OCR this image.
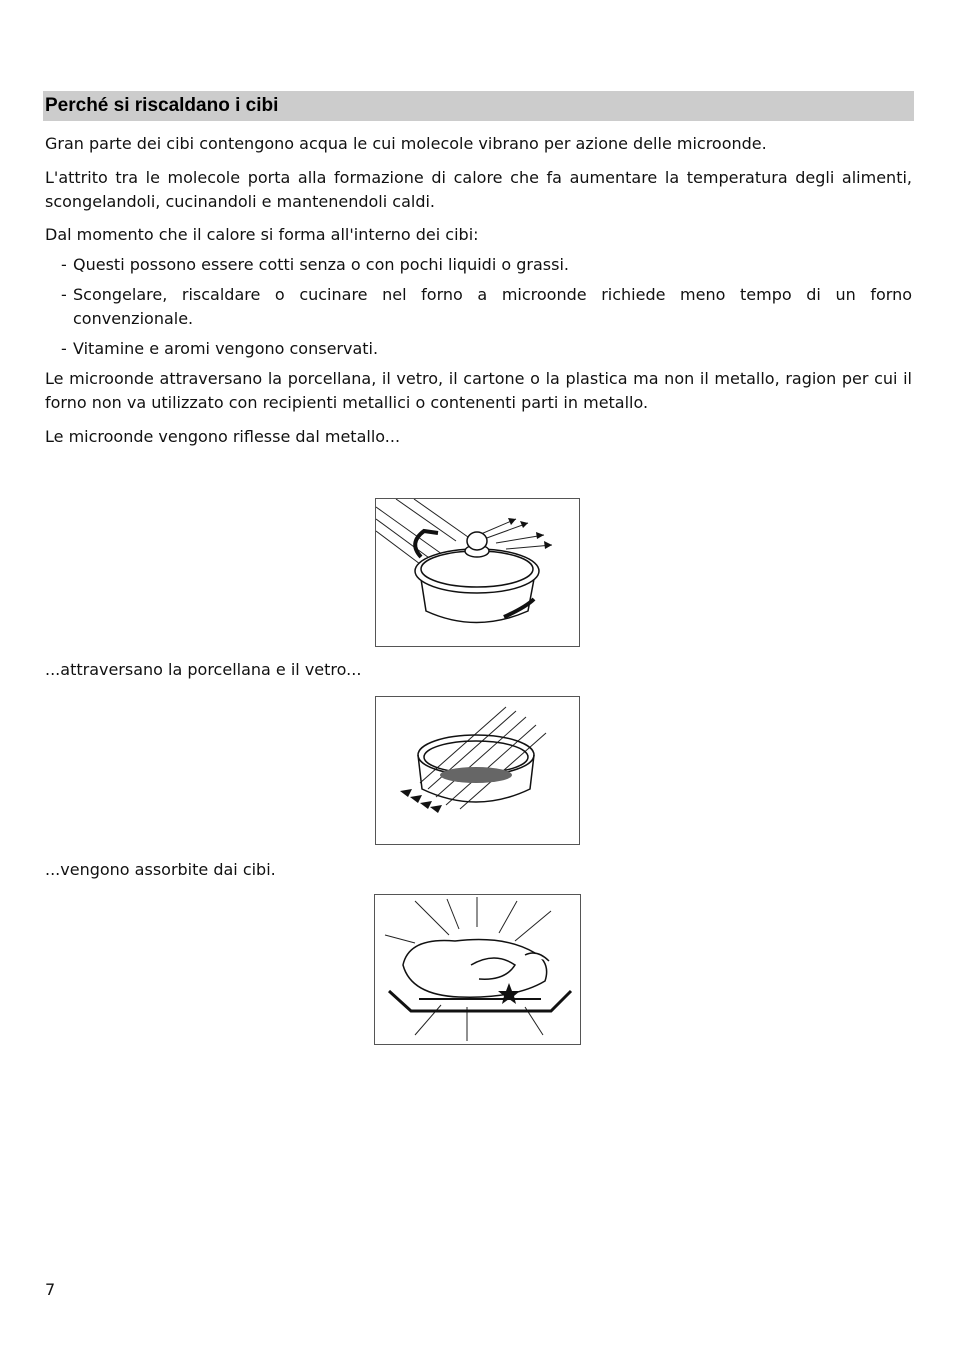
Perché si riscaldano i cibi

Gran parte dei cibi contengono acqua le cui molecole vibrano per azione delle microonde.

L'attrito tra le molecole porta alla formazione di calore che fa aumentare la temperatura degli alimenti, scongelandoli, cucinandoli e mantenendoli caldi.

Dal momento che il calore si forma all'interno dei cibi:

- Questi possono essere cotti senza o con pochi liquidi o grassi.
- Scongelare, riscaldare o cucinare nel forno a microonde richiede meno tempo di un forno convenzionale.
- Vitamine e aromi vengono conservati.

Le microonde attraversano la porcellana, il vetro, il cartone o la plastica ma non il metallo, ragion per cui il forno non va utilizzato con recipienti metallici o contenenti parti in metallo.

Le microonde vengono riflesse dal metallo...

...attraversano la porcellana e il vetro...
...vengono assorbite dai cibi.
7
